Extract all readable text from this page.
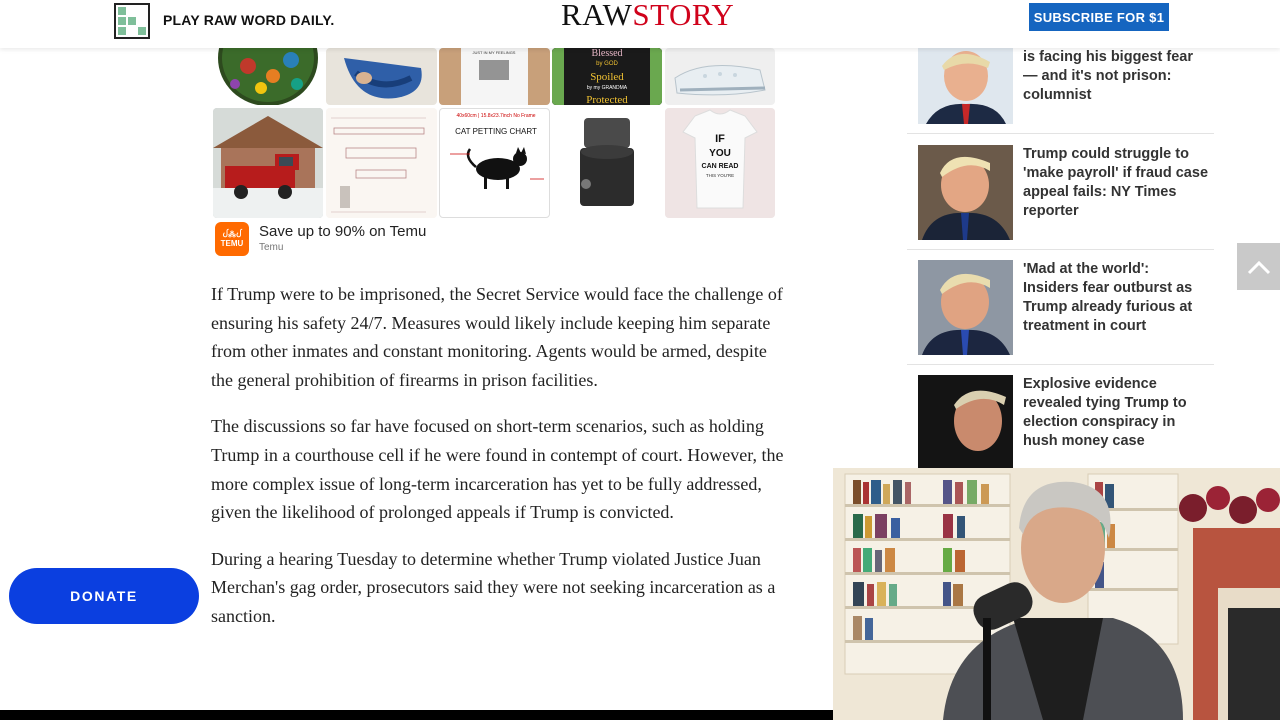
PLAY RAW WORD DAILY.	RAWSTORY	SUBSCRIBE FOR $1
JUST IN MY FEELINGS	Blessed
by GOD
Spoiled
by my GRANDMA
Protected
40x60cm | 15.8x23.7inch No Frame
CAT PETTING CHART
IF
YOU
CAN READ
THIS YOU'RE
ᨸ⁂ᨸ
TEMU
Save up to 90% on Temu
Temu

If Trump were to be imprisoned, the Secret Service would face the challenge of ensuring his safety 24/7. Measures would likely include keeping him separate from other inmates and constant monitoring. Agents would be armed, despite the general prohibition of firearms in prison facilities.

The discussions so far have focused on short-term scenarios, such as holding Trump in a courthouse cell if he were found in contempt of court. However, the more complex issue of long-term incarceration has yet to be fully addressed, given the likelihood of prolonged appeals if Trump is convicted.

During a hearing Tuesday to determine whether Trump violated Justice Juan Merchan's gag order, prosecutors said they were not seeking incarceration as a sanction.

is facing his biggest fear — and it's not prison: columnist
Trump could struggle to 'make payroll' if fraud case appeal fails: NY Times reporter
'Mad at the world': Insiders fear outburst as Trump already furious at treatment in court
Explosive evidence revealed tying Trump to election conspiracy in hush money case
DONATE
